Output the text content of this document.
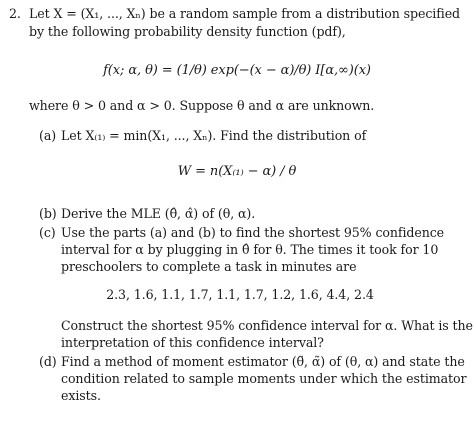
2. Let X = (X₁, ..., Xₙ) be a random sample from a distribution specified
by the following probability density function (pdf),
f(x; α, θ) = (1/θ) exp(−(x − α)/θ) I[α,∞)(x)
where θ > 0 and α > 0. Suppose θ and α are unknown.
(a) Let X₍₁₎ = min(X₁, ..., Xₙ). Find the distribution of
W = n(X₍₁₎ − α) / θ
(b) Derive the MLE (θ̂, α̂) of (θ, α).
(c) Use the parts (a) and (b) to find the shortest 95% confidence
interval for α by plugging in θ̂ for θ. The times it took for 10
preschoolers to complete a task in minutes are
2.3, 1.6, 1.1, 1.7, 1.1, 1.7, 1.2, 1.6, 4.4, 2.4
Construct the shortest 95% confidence interval for α. What is the
interpretation of this confidence interval?
(d) Find a method of moment estimator (θ̃, α̃) of (θ, α) and state the
condition related to sample moments under which the estimator
exists.
